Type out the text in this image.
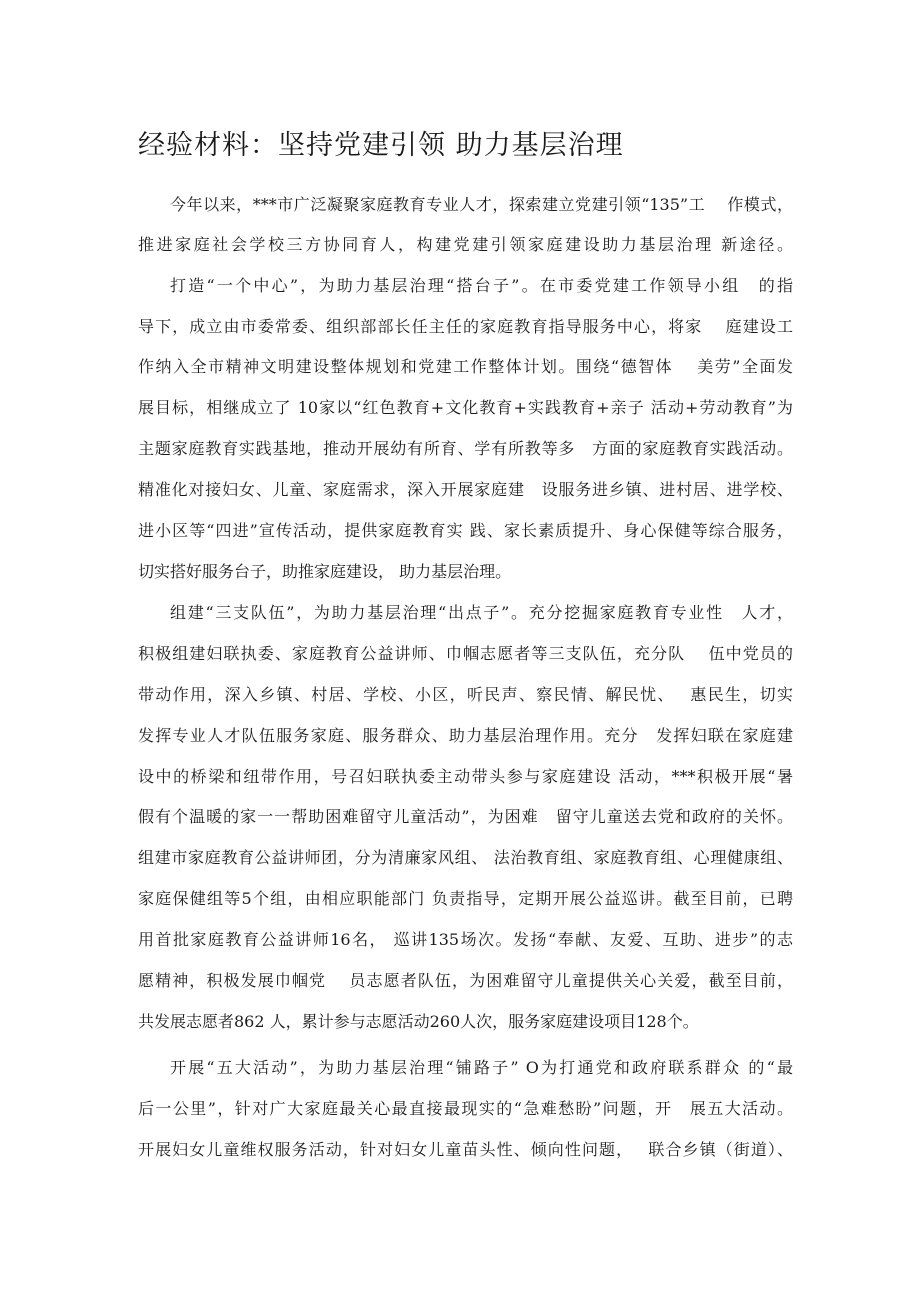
经验材料：坚持党建引领 助力基层治理
今年以来，***市广泛凝聚家庭教育专业人才，探索建立党建引领“135”工　 作模式，
推进家庭社会学校三方协同育人，构建党建引领家庭建设助力基层治理 新途径。
打造“一个中心”，为助力基层治理“搭台子”。在市委党建工作领导小组　的指
导下，成立由市委常委、组织部部长任主任的家庭教育指导服务中心，将家　 庭建设工
作纳入全市精神文明建设整体规划和党建工作整体计划。围绕“德智体　 美劳”全面发
展目标，相继成立了 10家以“红色教育+文化教育+实践教育+亲子 活动+劳动教育”为
主题家庭教育实践基地，推动开展幼有所育、学有所教等多　方面的家庭教育实践活动。
精准化对接妇女、儿童、家庭需求，深入开展家庭建　设服务进乡镇、进村居、进学校、
进小区等“四进”宣传活动，提供家庭教育实 践、家长素质提升、身心保健等综合服务，
切实搭好服务台子，助推家庭建设， 助力基层治理。
组建“三支队伍”，为助力基层治理“出点子”。充分挖掘家庭教育专业性　人才，
积极组建妇联执委、家庭教育公益讲师、巾帼志愿者等三支队伍，充分队　 伍中党员的
带动作用，深入乡镇、村居、学校、小区，听民声、察民情、解民忧、　 惠民生，切实
发挥专业人才队伍服务家庭、服务群众、助力基层治理作用。充分　发挥妇联在家庭建
设中的桥梁和纽带作用，号召妇联执委主动带头参与家庭建设 活动，***积极开展“暑
假有个温暖的家一一帮助困难留守儿童活动”，为困难　留守儿童送去党和政府的关怀。
组建市家庭教育公益讲师团，分为清廉家风组、 法治教育组、家庭教育组、心理健康组、
家庭保健组等5个组，由相应职能部门 负责指导，定期开展公益巡讲。截至目前，已聘
用首批家庭教育公益讲师16名， 巡讲135场次。发扬“奉献、友爱、互助、进步”的志
愿精神，积极发展巾帼党　 员志愿者队伍，为困难留守儿童提供关心关爱，截至目前，
共发展志愿者862 人，累计参与志愿活动260人次，服务家庭建设项目128个。
开展“五大活动”，为助力基层治理“铺路子” O为打通党和政府联系群众 的“最
后一公里”，针对广大家庭最关心最直接最现实的“急难愁盼”问题，开　展五大活动。
开展妇女儿童维权服务活动，针对妇女儿童苗头性、倾向性问题，　 联合乡镇（街道）、
